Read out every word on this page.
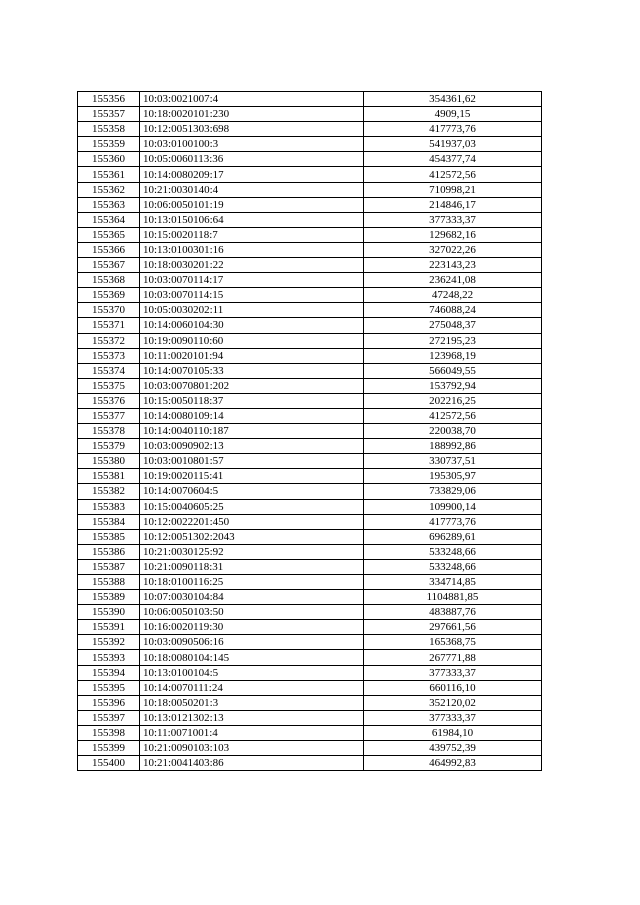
155356	10:03:0021007:4	354361,62
155357	10:18:0020101:230	4909,15
155358	10:12:0051303:698	417773,76
155359	10:03:0100100:3	541937,03
155360	10:05:0060113:36	454377,74
155361	10:14:0080209:17	412572,56
155362	10:21:0030140:4	710998,21
155363	10:06:0050101:19	214846,17
155364	10:13:0150106:64	377333,37
155365	10:15:0020118:7	129682,16
155366	10:13:0100301:16	327022,26
155367	10:18:0030201:22	223143,23
155368	10:03:0070114:17	236241,08
155369	10:03:0070114:15	47248,22
155370	10:05:0030202:11	746088,24
155371	10:14:0060104:30	275048,37
155372	10:19:0090110:60	272195,23
155373	10:11:0020101:94	123968,19
155374	10:14:0070105:33	566049,55
155375	10:03:0070801:202	153792,94
155376	10:15:0050118:37	202216,25
155377	10:14:0080109:14	412572,56
155378	10:14:0040110:187	220038,70
155379	10:03:0090902:13	188992,86
155380	10:03:0010801:57	330737,51
155381	10:19:0020115:41	195305,97
155382	10:14:0070604:5	733829,06
155383	10:15:0040605:25	109900,14
155384	10:12:0022201:450	417773,76
155385	10:12:0051302:2043	696289,61
155386	10:21:0030125:92	533248,66
155387	10:21:0090118:31	533248,66
155388	10:18:0100116:25	334714,85
155389	10:07:0030104:84	1104881,85
155390	10:06:0050103:50	483887,76
155391	10:16:0020119:30	297661,56
155392	10:03:0090506:16	165368,75
155393	10:18:0080104:145	267771,88
155394	10:13:0100104:5	377333,37
155395	10:14:0070111:24	660116,10
155396	10:18:0050201:3	352120,02
155397	10:13:0121302:13	377333,37
155398	10:11:0071001:4	61984,10
155399	10:21:0090103:103	439752,39
155400	10:21:0041403:86	464992,83
